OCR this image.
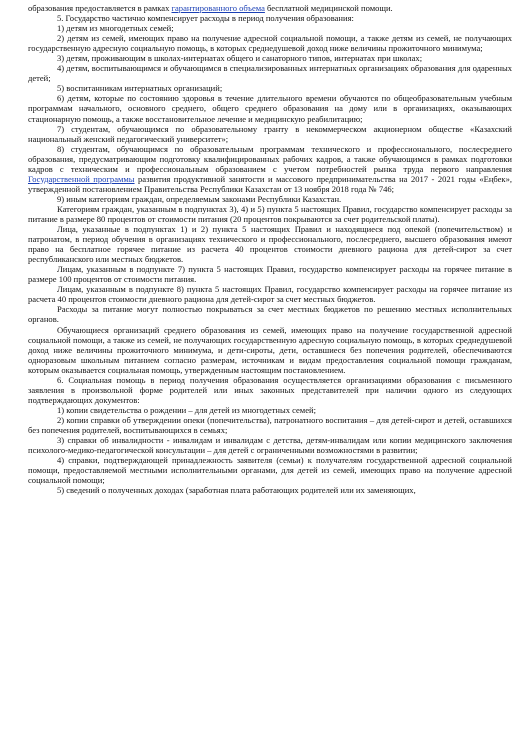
образования предоставляется в рамках гарантированного объема бесплатной медицинской помощи.

5. Государство частично компенсирует расходы в период получения образования:

1) детям из многодетных семей;

2) детям из семей, имеющих право на получение адресной социальной помощи, а также детям из семей, не получающих государственную адресную социальную помощь, в которых среднедушевой доход ниже величины прожиточного минимума;

3) детям, проживающим в школах-интернатах общего и санаторного типов, интернатах при школах;

4) детям, воспитывающимся и обучающимся в специализированных интернатных организациях образования для одаренных детей;

5) воспитанникам интернатных организаций;

6) детям, которые по состоянию здоровья в течение длительного времени обучаются по общеобразовательным учебным программам начального, основного среднего, общего среднего образования на дому или в организациях, оказывающих стационарную помощь, а также восстановительное лечение и медицинскую реабилитацию;

7) студентам, обучающимся по образовательному гранту в некоммерческом акционерном обществе «Казахский национальный женский педагогический университет»;

8) студентам, обучающимся по образовательным программам технического и профессионального, послесреднего образования, предусматривающим подготовку квалифицированных рабочих кадров, а также обучающимся в рамках подготовки кадров с техническим и профессиональным образованием с учетом потребностей рынка труда первого направления Государственной программы развития продуктивной занятости и массового предпринимательства на 2017 - 2021 годы «Еңбек», утвержденной постановлением Правительства Республики Казахстан от 13 ноября 2018 года № 746;

9) иным категориям граждан, определяемым законами Республики Казахстан.

Категориям граждан, указанным в подпунктах 3), 4) и 5) пункта 5 настоящих Правил, государство компенсирует расходы за питание в размере 80 процентов от стоимости питания (20 процентов покрываются за счет родительской платы).

Лица, указанные в подпунктах 1) и 2) пункта 5 настоящих Правил и находящиеся под опекой (попечительством) и патронатом, в период обучения в организациях технического и профессионального, послесреднего, высшего образования имеют право на бесплатное горячее питание из расчета 40 процентов стоимости дневного рациона для детей-сирот за счет республиканского или местных бюджетов.

Лицам, указанным в подпункте 7) пункта 5 настоящих Правил, государство компенсирует расходы на горячее питание в размере 100 процентов от стоимости питания.

Лицам, указанным в подпункте 8) пункта 5 настоящих Правил, государство компенсирует расходы на горячее питание из расчета 40 процентов стоимости дневного рациона для детей-сирот за счет местных бюджетов.

Расходы за питание могут полностью покрываться за счет местных бюджетов по решению местных исполнительных органов.

Обучающиеся организаций среднего образования из семей, имеющих право на получение государственной адресной социальной помощи, а также из семей, не получающих государственную адресную социальную помощь, в которых среднедушевой доход ниже величины прожиточного минимума, и дети-сироты, дети, оставшиеся без попечения родителей, обеспечиваются одноразовым школьным питанием согласно размерам, источникам и видам предоставления социальной помощи гражданам, которым оказывается социальная помощь, утвержденным настоящим постановлением.

6. Социальная помощь в период получения образования осуществляется организациями образования с письменного заявления в произвольной форме родителей или иных законных представителей при наличии одного из следующих подтверждающих документов:

1) копии свидетельства о рождении – для детей из многодетных семей;

2) копии справки об утверждении опеки (попечительства), патронатного воспитания – для детей-сирот и детей, оставшихся без попечения родителей, воспитывающихся в семьях;

3) справки об инвалидности - инвалидам и инвалидам с детства, детям-инвалидам или копии медицинского заключения психолого-медико-педагогической консультации – для детей с ограниченными возможностями в развитии;

4) справки, подтверждающей принадлежность заявителя (семьи) к получателям государственной адресной социальной помощи, предоставляемой местными исполнительными органами, для детей из семей, имеющих право на получение адресной социальной помощи;

5) сведений о полученных доходах (заработная плата работающих родителей или их заменяющих,
